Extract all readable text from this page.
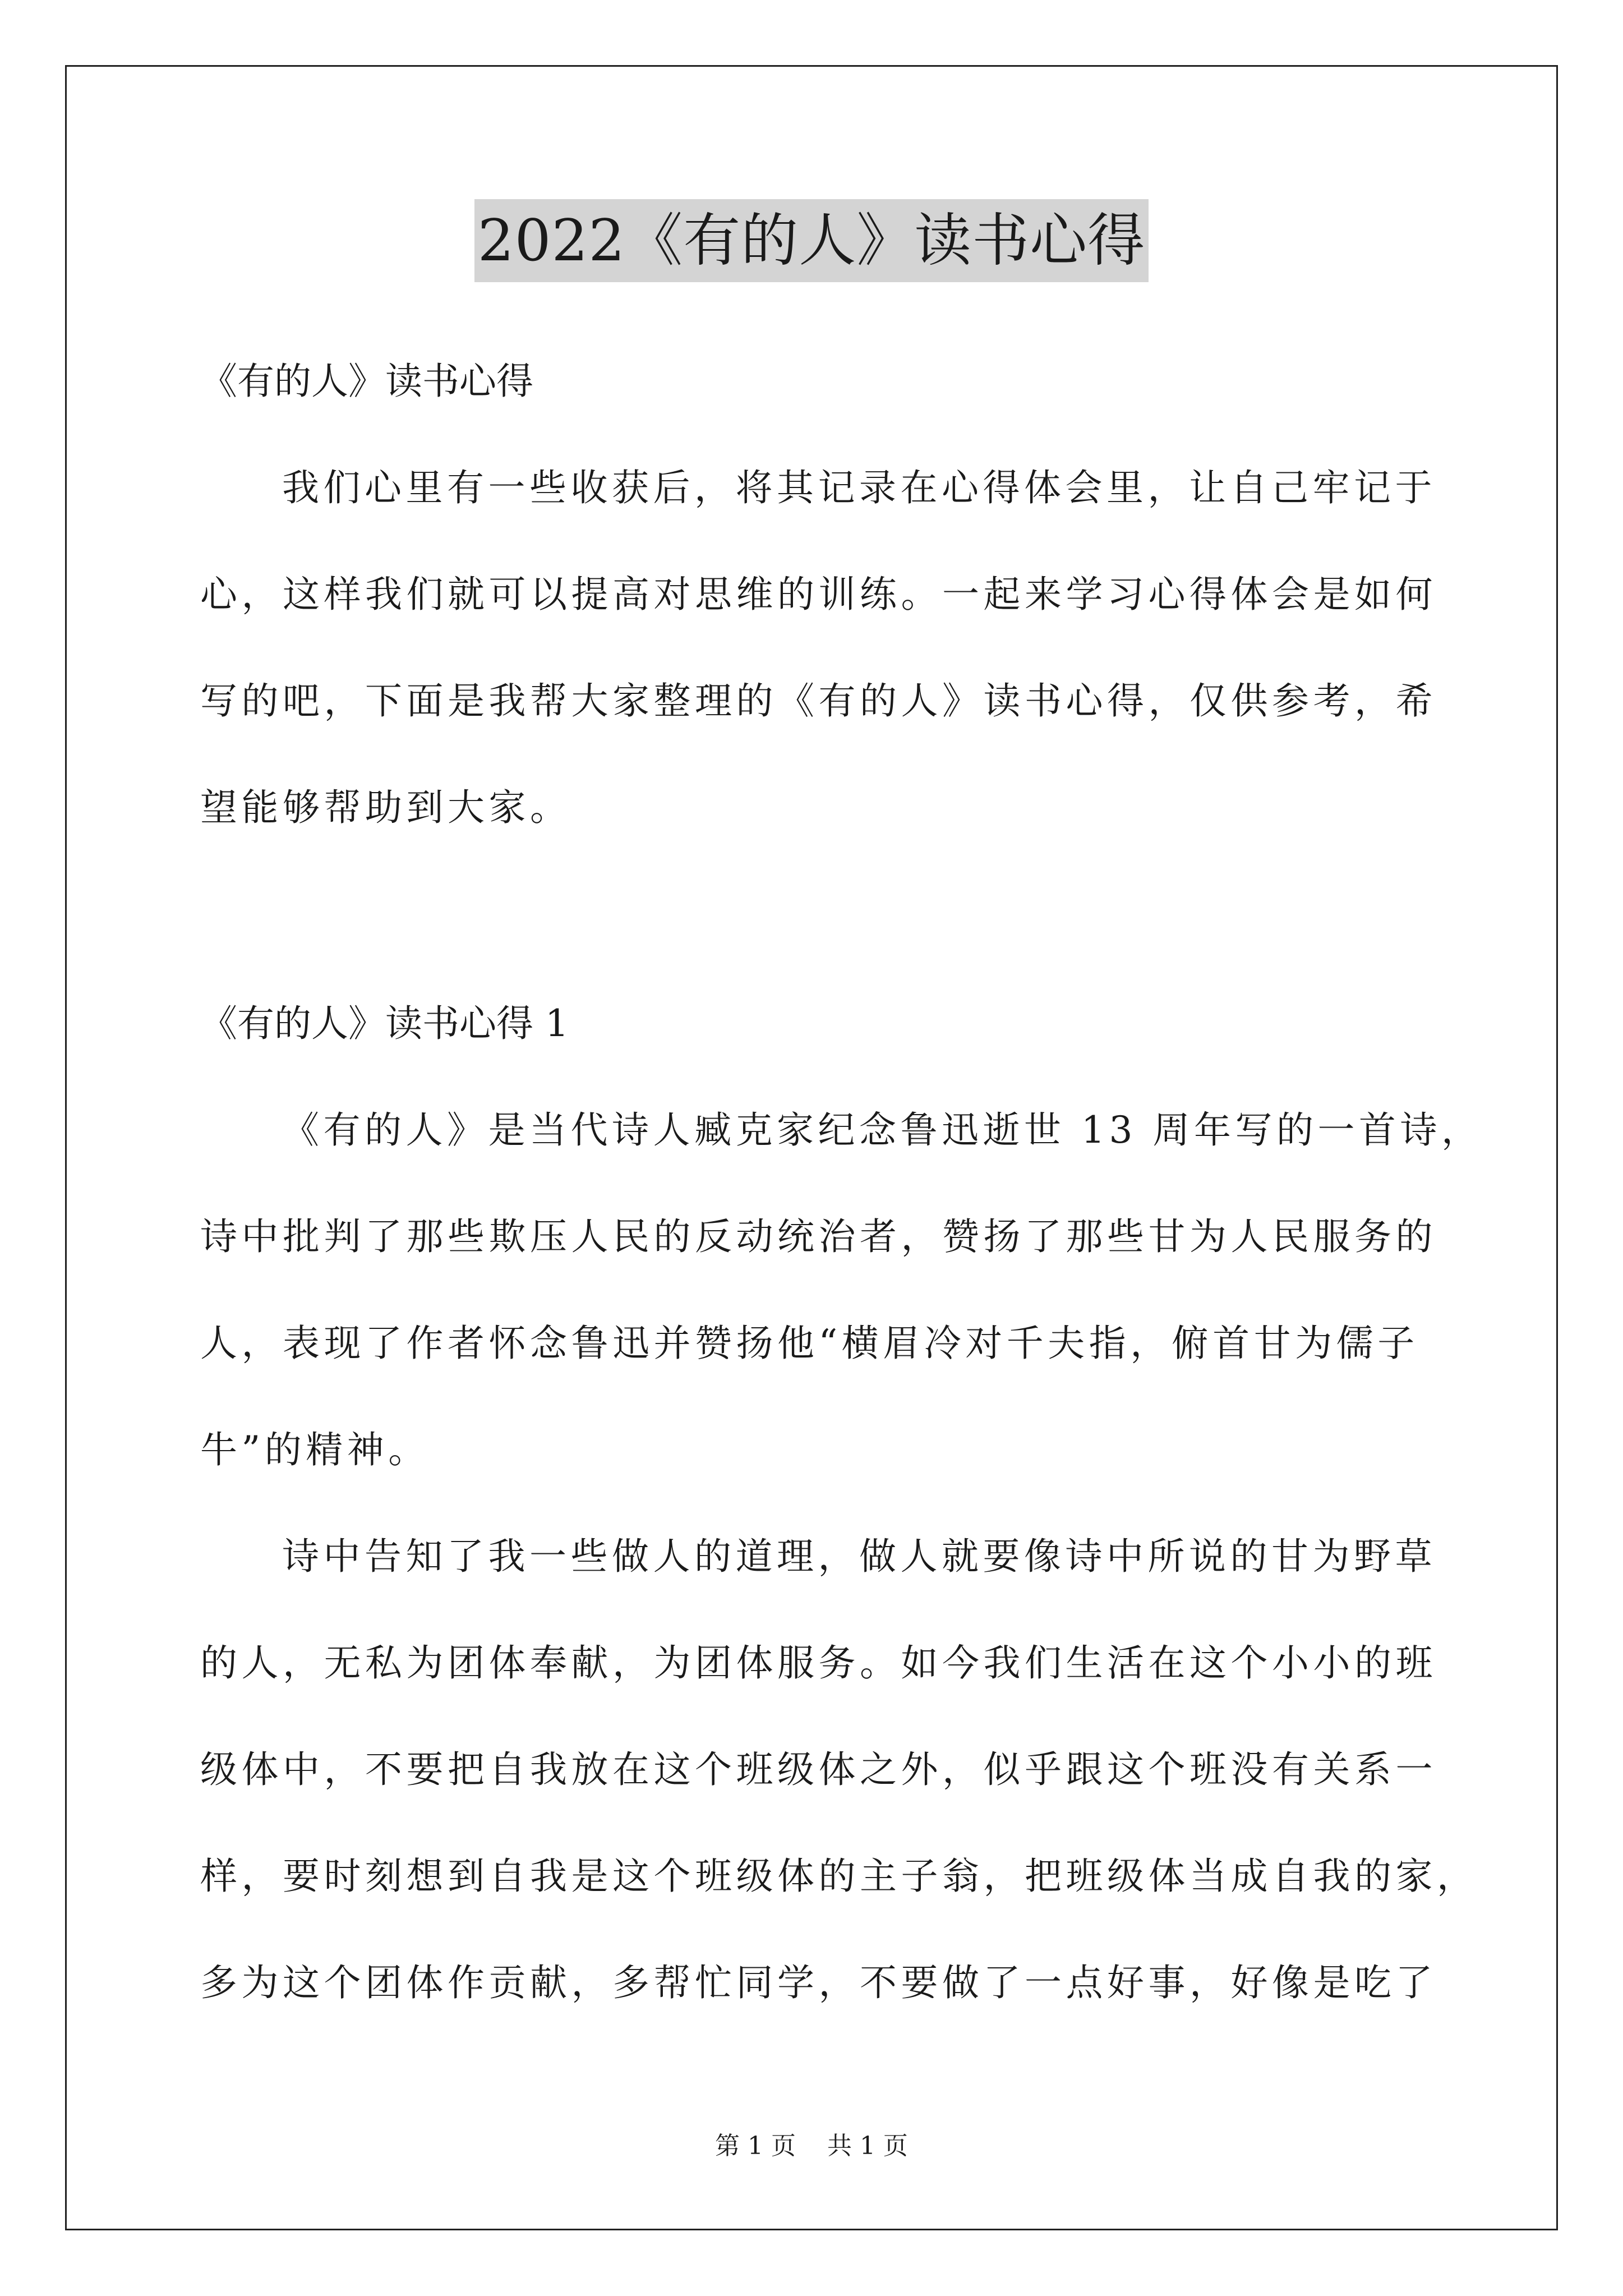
2022《有的人》读书心得
《有的人》读书心得
我们心里有一些收获后，将其记录在心得体会里，让自己牢记于
心，这样我们就可以提高对思维的训练。一起来学习心得体会是如何
写的吧，下面是我帮大家整理的《有的人》读书心得，仅供参考，希
望能够帮助到大家。
《有的人》读书心得 1
《有的人》是当代诗人臧克家纪念鲁迅逝世 13 周年写的一首诗，
诗中批判了那些欺压人民的反动统治者，赞扬了那些甘为人民服务的
人，表现了作者怀念鲁迅并赞扬他“横眉冷对千夫指，俯首甘为儒子
牛”的精神。
诗中告知了我一些做人的道理，做人就要像诗中所说的甘为野草
的人，无私为团体奉献，为团体服务。如今我们生活在这个小小的班
级体中，不要把自我放在这个班级体之外，似乎跟这个班没有关系一
样，要时刻想到自我是这个班级体的主子翁，把班级体当成自我的家，
多为这个团体作贡献，多帮忙同学，不要做了一点好事，好像是吃了
第 1 页    共 1 页
